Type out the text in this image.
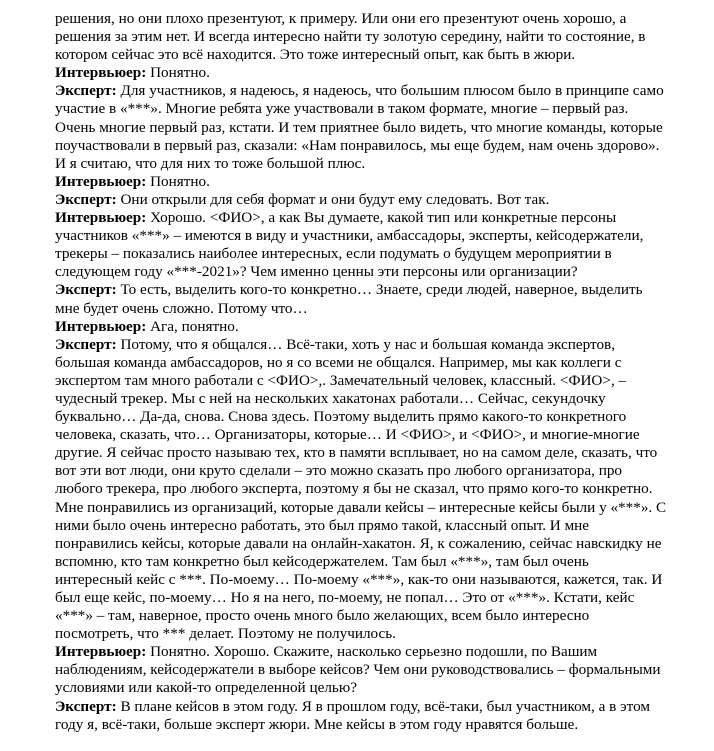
решения, но они плохо презентуют, к примеру. Или они его презентуют очень хорошо, а решения за этим нет. И всегда интересно найти ту золотую середину, найти то состояние, в котором сейчас это всё находится. Это тоже интересный опыт, как быть в жюри.

Интервьюер: Понятно.

Эксперт: Для участников, я надеюсь, я надеюсь, что большим плюсом было в принципе само участие в «***». Многие ребята уже участвовали в таком формате, многие – первый раз. Очень многие первый раз, кстати. И тем приятнее было видеть, что многие команды, которые поучаствовали в первый раз, сказали: «Нам понравилось, мы еще будем, нам очень здорово». И я считаю, что для них то тоже большой плюс.

Интервьюер: Понятно.

Эксперт: Они открыли для себя формат и они будут ему следовать. Вот так.

Интервьюер: Хорошо. <ФИО>, а как Вы думаете, какой тип или конкретные персоны участников «***» – имеются в виду и участники, амбассадоры, эксперты, кейсодержатели, трекеры – показались наиболее интересных, если подумать о будущем мероприятии в следующем году «***-2021»? Чем именно ценны эти персоны или организации?

Эксперт: То есть, выделить кого-то конкретно… Знаете, среди людей, наверное, выделить мне будет очень сложно. Потому что…

Интервьюер: Ага, понятно.

Эксперт: Потому, что я общался… Всё-таки, хоть у нас и большая команда экспертов, большая команда амбассадоров, но я со всеми не общался. Например, мы как коллеги с экспертом там много работали с <ФИО>,. Замечательный человек, классный. <ФИО>, – чудесный трекер. Мы с ней на нескольких хакатонах работали… Сейчас, секундочку буквально… Да-да, снова. Снова здесь. Поэтому выделить прямо какого-то конкретного человека, сказать, что… Организаторы, которые… И <ФИО>, и <ФИО>, и многие-многие другие. Я сейчас просто называю тех, кто в памяти всплывает, но на самом деле, сказать, что вот эти вот люди, они круто сделали – это можно сказать про любого организатора, про любого трекера, про любого эксперта, поэтому я бы не сказал, что прямо кого-то конкретно. Мне понравились из организаций, которые давали кейсы – интересные кейсы были у «***». С ними было очень интересно работать, это был прямо такой, классный опыт. И мне понравились кейсы, которые давали на онлайн-хакатон. Я, к сожалению, сейчас навскидку не вспомню, кто там конкретно был кейсодержателем. Там был «***», там был очень интересный кейс с ***. По-моему… По-моему «***», как-то они называются, кажется, так. И был еще кейс, по-моему… Но я на него, по-моему, не попал… Это от «***». Кстати, кейс «***» – там, наверное, просто очень много было желающих, всем было интересно посмотреть, что *** делает. Поэтому не получилось.

Интервьюер: Понятно. Хорошо. Скажите, насколько серьезно подошли, по Вашим наблюдениям, кейсодержатели в выборе кейсов? Чем они руководствовались – формальными условиями или какой-то определенной целью?

Эксперт: В плане кейсов в этом году. Я в прошлом году, всё-таки, был участником, а в этом году я, всё-таки, больше эксперт жюри. Мне кейсы в этом году нравятся больше.
